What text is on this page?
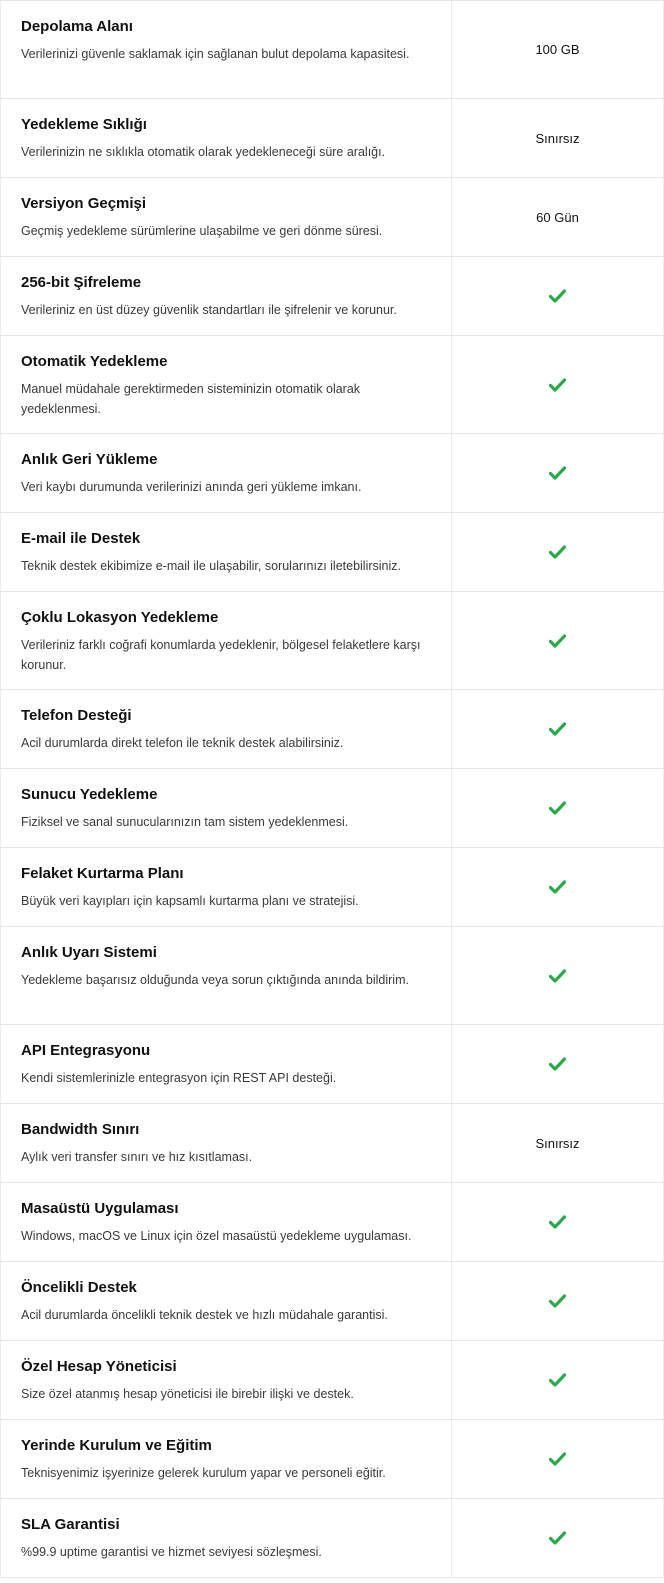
Depolama Alanı
Verilerinizi güvenle saklamak için sağlanan bulut depolama kapasitesi.	100 GB
Yedekleme Sıklığı
Verilerinizin ne sıklıkla otomatik olarak yedekleneceği süre aralığı.
Sınırsız
Versiyon Geçmişi
Geçmiş yedekleme sürümlerine ulaşabilme ve geri dönme süresi.
60 Gün
256-bit Şifreleme
Verileriniz en üst düzey güvenlik standartları ile şifrelenir ve korunur.
Otomatik Yedekleme
Manuel müdahale gerektirmeden sisteminizin otomatik olarak yedeklenmesi.
Anlık Geri Yükleme
Veri kaybı durumunda verilerinizi anında geri yükleme imkanı.
E-mail ile Destek
Teknik destek ekibimize e-mail ile ulaşabilir, sorularınızı iletebilirsiniz.
Çoklu Lokasyon Yedekleme
Verileriniz farklı coğrafi konumlarda yedeklenir, bölgesel felaketlere karşı korunur.
Telefon Desteği
Acil durumlarda direkt telefon ile teknik destek alabilirsiniz.
Sunucu Yedekleme
Fiziksel ve sanal sunucularınızın tam sistem yedeklenmesi.
Felaket Kurtarma Planı
Büyük veri kayıpları için kapsamlı kurtarma planı ve stratejisi.
Anlık Uyarı Sistemi
Yedekleme başarısız olduğunda veya sorun çıktığında anında bildirim.
API Entegrasyonu
Kendi sistemlerinizle entegrasyon için REST API desteği.
Bandwidth Sınırı
Aylık veri transfer sınırı ve hız kısıtlaması.
Sınırsız
Masaüstü Uygulaması
Windows, macOS ve Linux için özel masaüstü yedekleme uygulaması.
Öncelikli Destek
Acil durumlarda öncelikli teknik destek ve hızlı müdahale garantisi.
Özel Hesap Yöneticisi
Size özel atanmış hesap yöneticisi ile birebir ilişki ve destek.
Yerinde Kurulum ve Eğitim
Teknisyenimiz işyerinize gelerek kurulum yapar ve personeli eğitir.
SLA Garantisi
%99.9 uptime garantisi ve hizmet seviyesi sözleşmesi.
